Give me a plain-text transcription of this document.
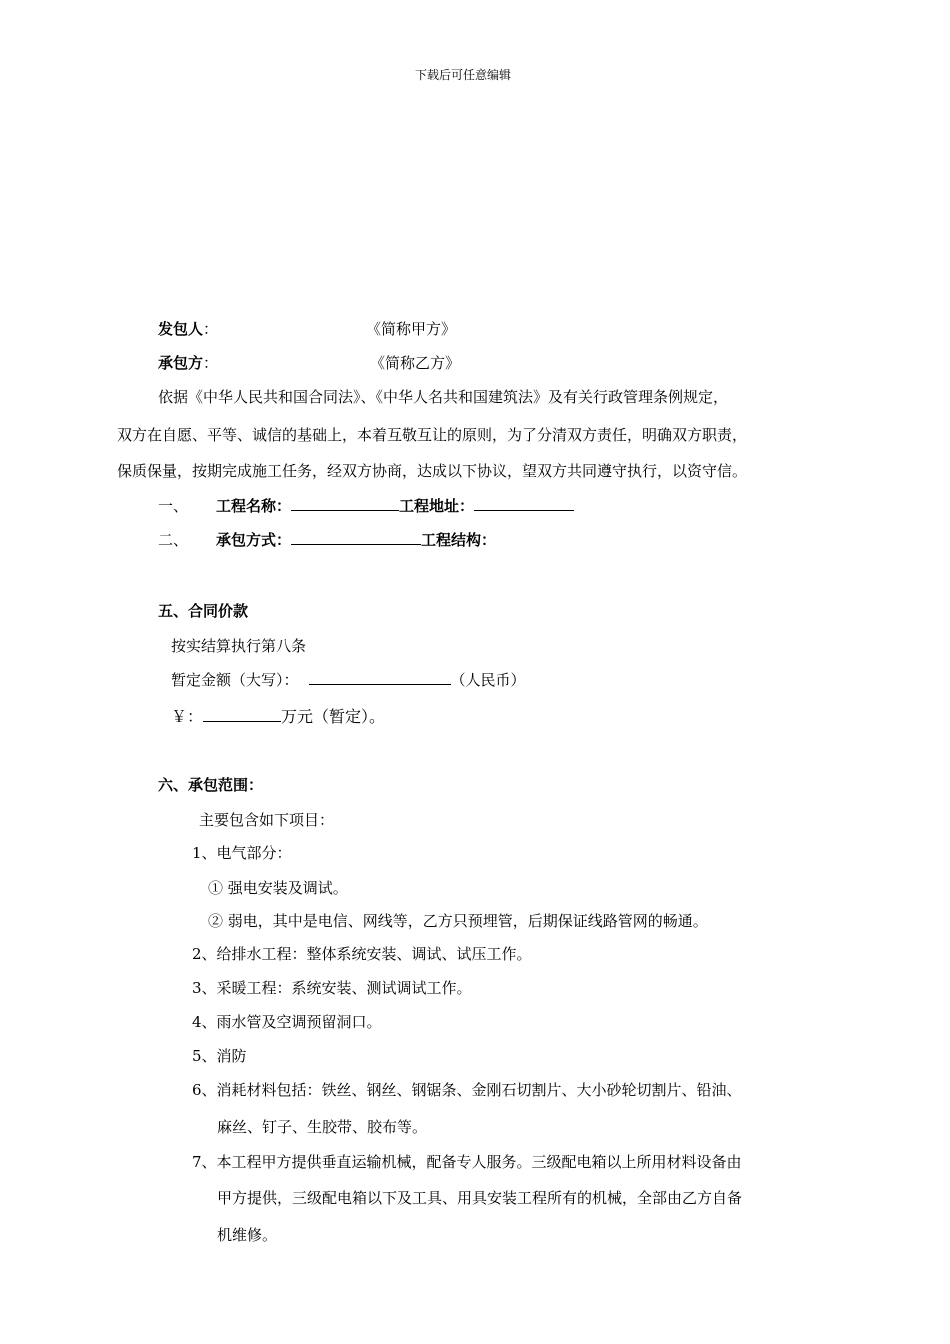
下载后可任意编辑
发包人：	《简称甲方》
承包方：	《简称乙方》
依据《中华人民共和国合同法》、《中华人名共和国建筑法》及有关行政管理条例规定，
双方在自愿、平等、诚信的基础上，本着互敬互让的原则，为了分清双方责任，明确双方职责，
保质保量，按期完成施工任务，经双方协商，达成以下协议，望双方共同遵守执行，以资守信。
一、 工程名称：	工程地址：
二、 承包方式：	工程结构：
五、合同价款
按实结算执行第八条
暂定金额（大写）：	（人民币）
￥：	万元（暂定）。
六、承包范围：
主要包含如下项目：
1、电气部分：
① 强电安装及调试。
② 弱电，其中是电信、网线等，乙方只预埋管，后期保证线路管网的畅通。
2、给排水工程：整体系统安装、调试、试压工作。
3、采暖工程：系统安装、测试调试工作。
4、雨水管及空调预留洞口。
5、消防
6、消耗材料包括：铁丝、钢丝、钢锯条、金刚石切割片、大小砂轮切割片、铅油、
麻丝、钉子、生胶带、胶布等。
7、本工程甲方提供垂直运输机械，配备专人服务。三级配电箱以上所用材料设备由
甲方提供，三级配电箱以下及工具、用具安装工程所有的机械，全部由乙方自备
机维修。
